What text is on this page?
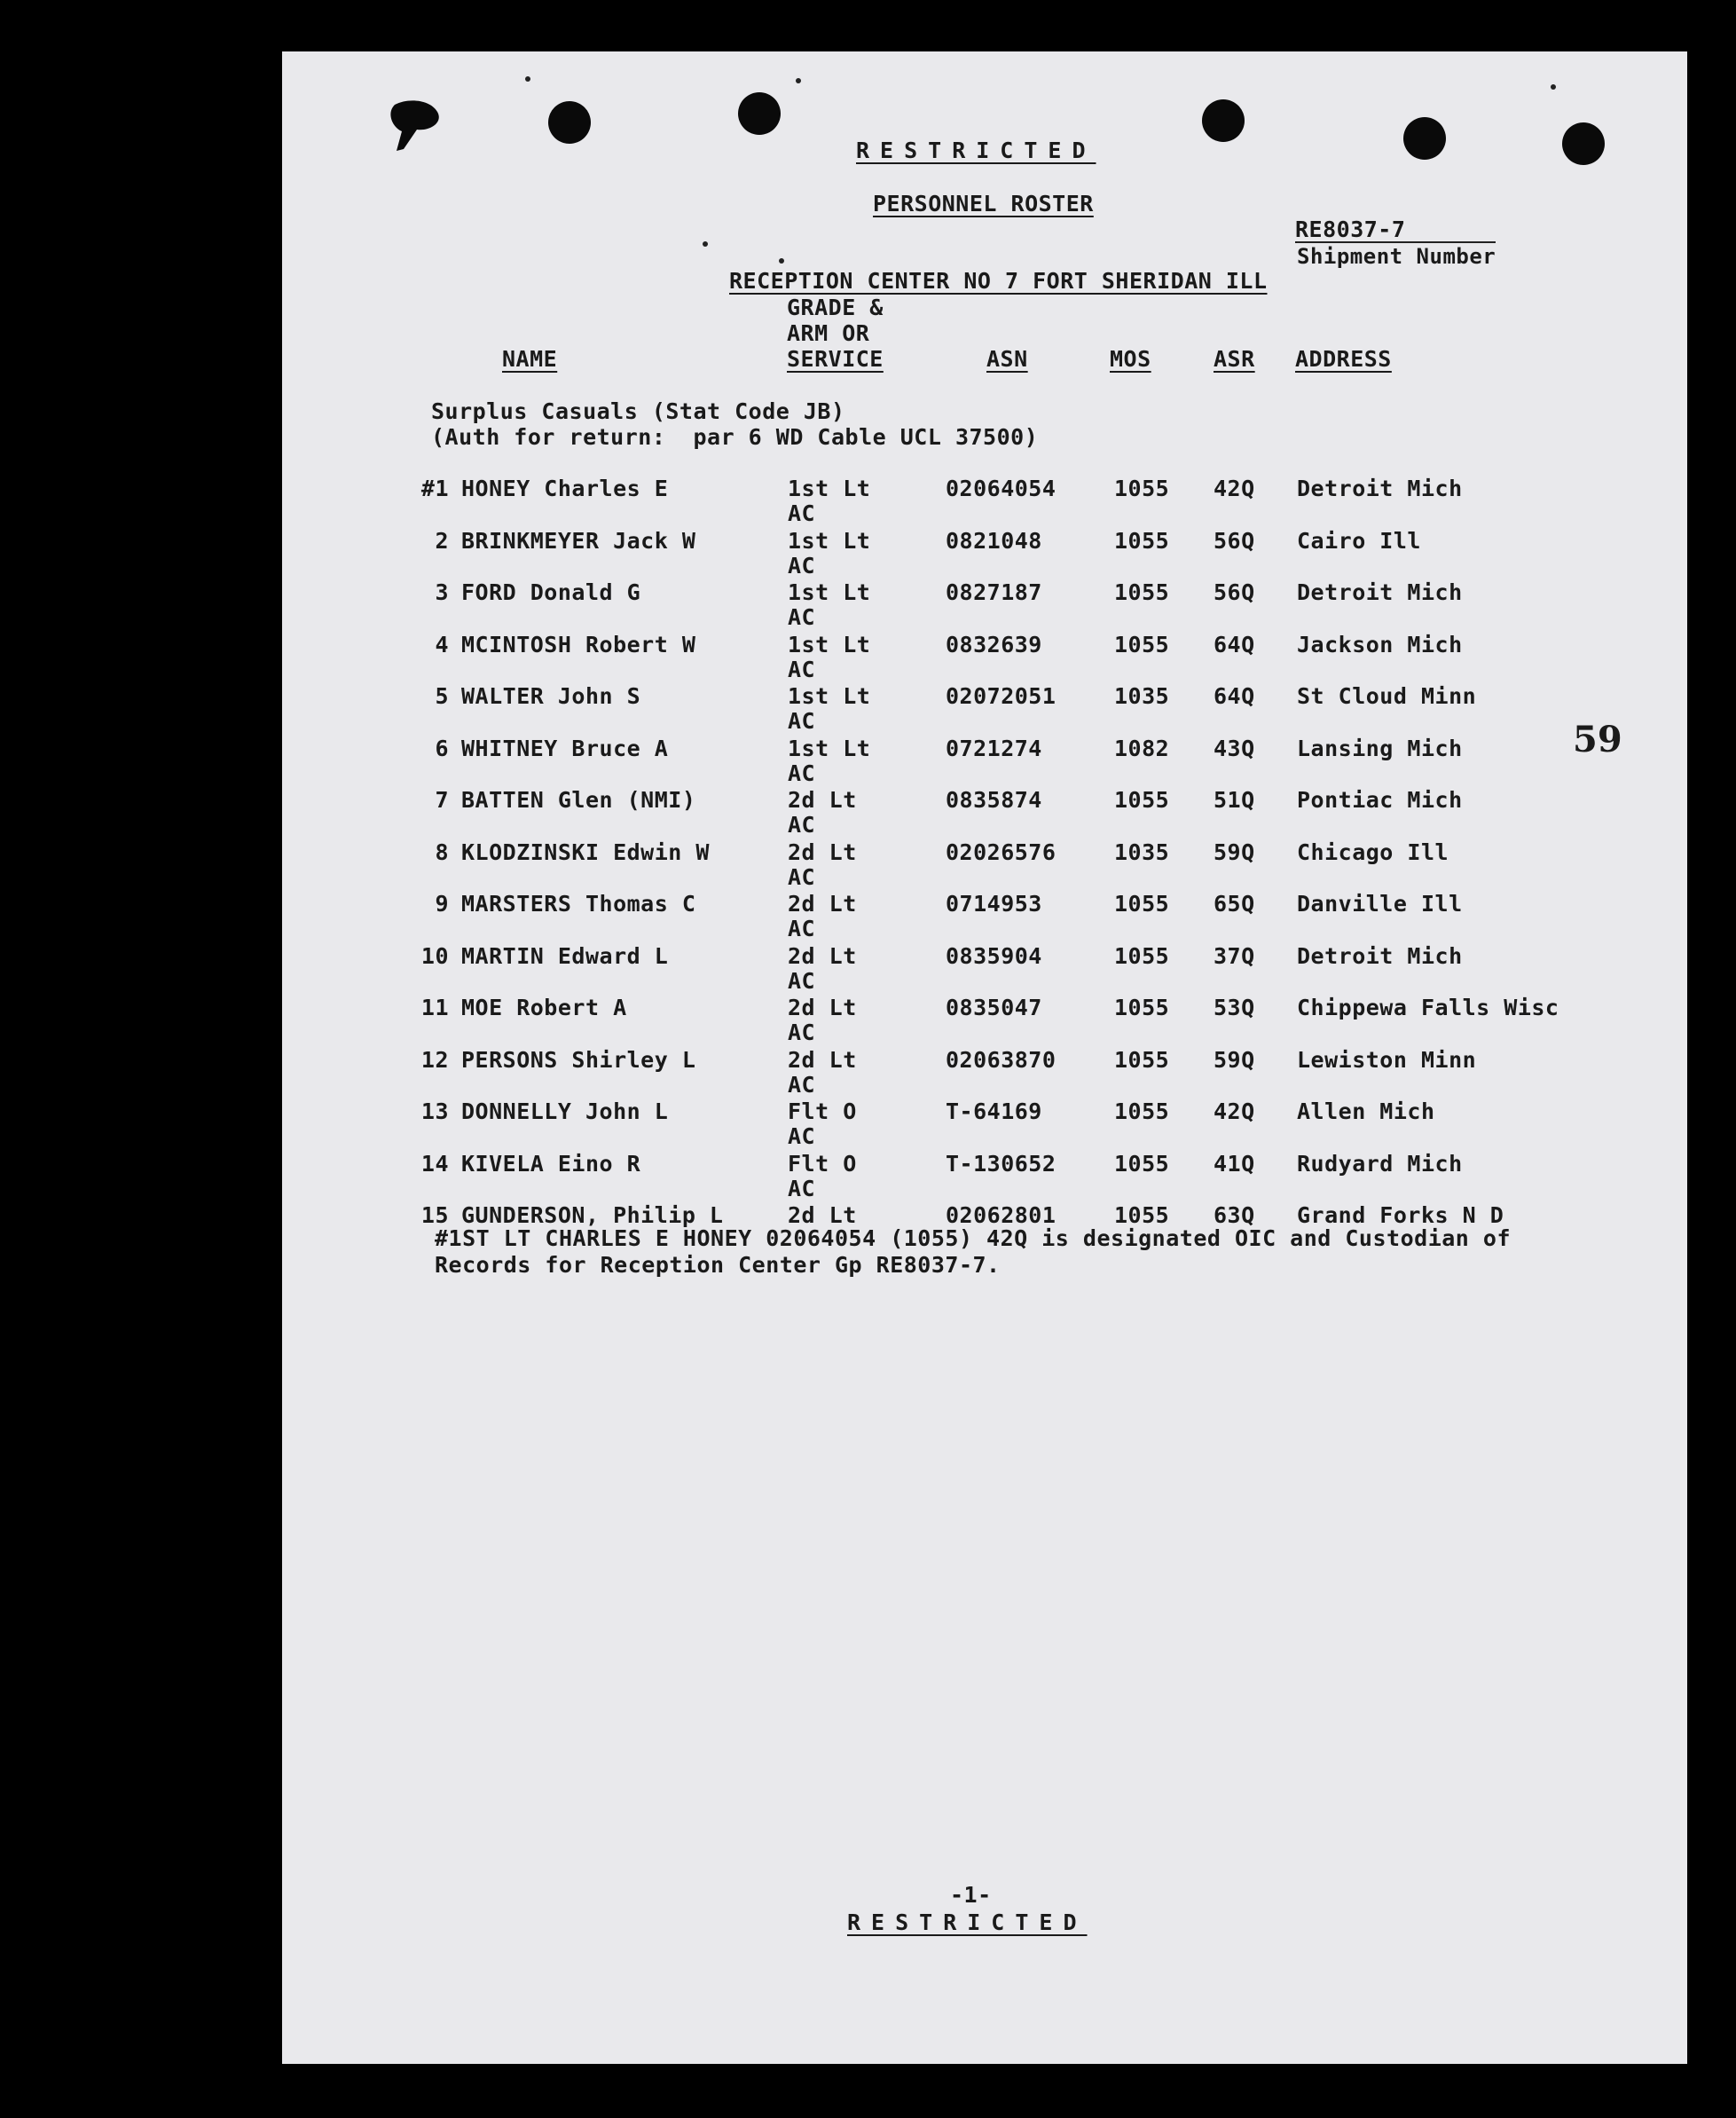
RESTRICTED
PERSONNEL ROSTER
RE8037-7
Shipment Number
RECEPTION CENTER NO 7 FORT SHERIDAN ILL
GRADE &
ARM OR
NAME	SERVICE	ASN	MOS	ASR ADDRESS
Surplus Casuals (Stat Code JB)
(Auth for return:  par 6 WD Cable UCL 37500)
#1 HONEY Charles E	1st Lt	02064054	1055 42Q Detroit Mich
AC
2 BRINKMEYER Jack W	1st Lt	0821048	1055 56Q Cairo Ill
AC
3 FORD Donald G	1st Lt	0827187	1055 56Q Detroit Mich
AC
4 MCINTOSH Robert W	1st Lt	0832639	1055 64Q Jackson Mich
AC
5 WALTER John S	1st Lt	02072051	1035 64Q St Cloud Minn
AC
6 WHITNEY Bruce A	1st Lt	0721274	1082 43Q Lansing Mich
AC
7 BATTEN Glen (NMI)	2d Lt	0835874	1055 51Q Pontiac Mich
AC
8 KLODZINSKI Edwin W	2d Lt	02026576	1035 59Q Chicago Ill
AC
9 MARSTERS Thomas C	2d Lt	0714953	1055 65Q Danville Ill
AC
10 MARTIN Edward L	2d Lt	0835904	1055 37Q Detroit Mich
AC
11 MOE Robert A	2d Lt	0835047	1055 53Q Chippewa Falls Wisc
AC
12 PERSONS Shirley L	2d Lt	02063870	1055 59Q Lewiston Minn
AC
13 DONNELLY John L	Flt O	T-64169	1055 42Q Allen Mich
AC
14 KIVELA Eino R	Flt O	T-130652	1055 41Q Rudyard Mich
AC
15 GUNDERSON, Philip L	2d Lt	02062801	1055 63Q Grand Forks N D
#1ST LT CHARLES E HONEY 02064054 (1055) 42Q is designated OIC and Custodian of
Records for Reception Center Gp RE8037-7.
59
-1-
RESTRICTED
